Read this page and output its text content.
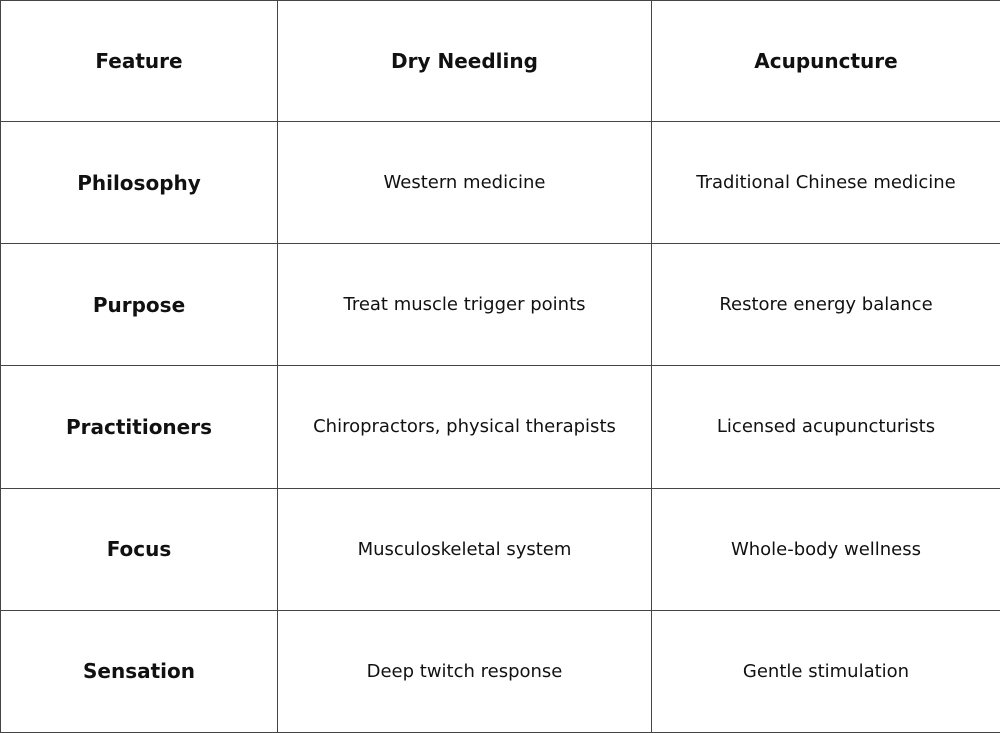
Feature	Dry Needling	Acupuncture
Philosophy	Western medicine	Traditional Chinese medicine
Purpose	Treat muscle trigger points	Restore energy balance
Practitioners	Chiropractors, physical therapists	Licensed acupuncturists
Focus	Musculoskeletal system	Whole-body wellness
Sensation	Deep twitch response	Gentle stimulation
